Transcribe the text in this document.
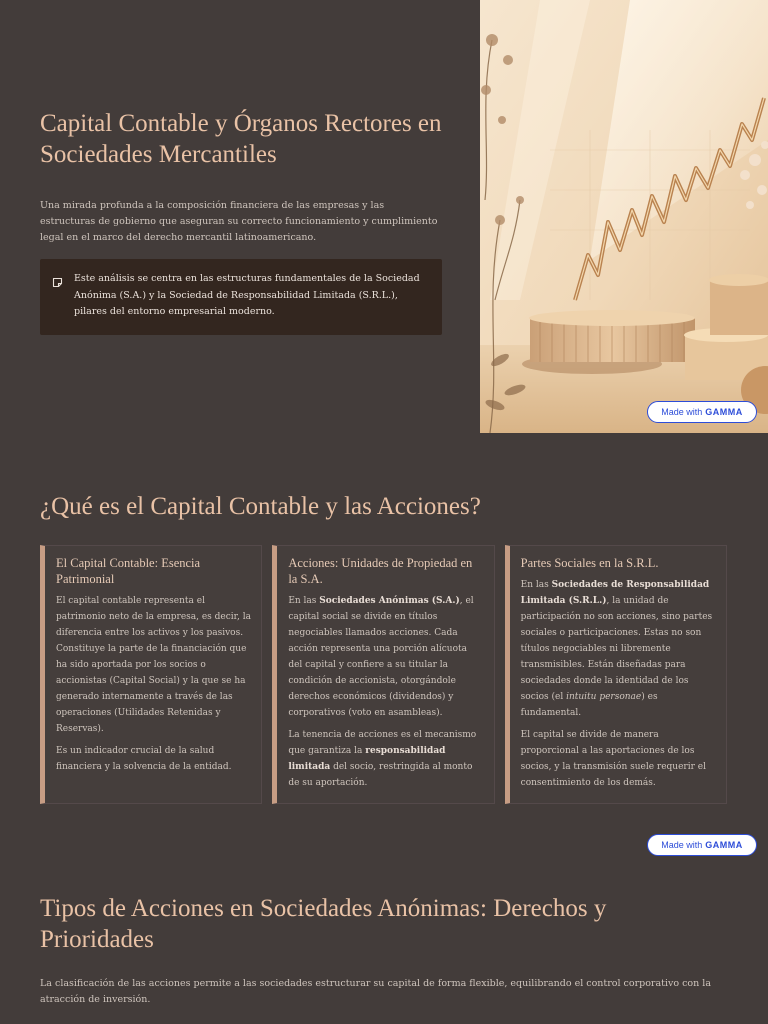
Capital Contable y Órganos Rectores en Sociedades Mercantiles

Una mirada profunda a la composición financiera de las empresas y las estructuras de gobierno que aseguran su correcto funcionamiento y cumplimiento legal en el marco del derecho mercantil latinoamericano.

Este análisis se centra en las estructuras fundamentales de la Sociedad Anónima (S.A.) y la Sociedad de Responsabilidad Limitada (S.R.L.), pilares del entorno empresarial moderno.

Made with GAMMA
¿Qué es el Capital Contable y las Acciones?
El Capital Contable: Esencia Patrimonial

El capital contable representa el patrimonio neto de la empresa, es decir, la diferencia entre los activos y los pasivos. Constituye la parte de la financiación que ha sido aportada por los socios o accionistas (Capital Social) y la que se ha generado internamente a través de las operaciones (Utilidades Retenidas y Reservas).

Es un indicador crucial de la salud financiera y la solvencia de la entidad.

Acciones: Unidades de Propiedad en la S.A.

En las Sociedades Anónimas (S.A.), el capital social se divide en títulos negociables llamados acciones. Cada acción representa una porción alícuota del capital y confiere a su titular la condición de accionista, otorgándole derechos económicos (dividendos) y corporativos (voto en asambleas).

La tenencia de acciones es el mecanismo que garantiza la responsabilidad limitada del socio, restringida al monto de su aportación.

Partes Sociales en la S.R.L.

En las Sociedades de Responsabilidad Limitada (S.R.L.), la unidad de participación no son acciones, sino partes sociales o participaciones. Estas no son títulos negociables ni libremente transmisibles. Están diseñadas para sociedades donde la identidad de los socios (el intuitu personae) es fundamental.

El capital se divide de manera proporcional a las aportaciones de los socios, y la transmisión suele requerir el consentimiento de los demás.

Made with GAMMA
Tipos de Acciones en Sociedades Anónimas: Derechos y Prioridades

La clasificación de las acciones permite a las sociedades estructurar su capital de forma flexible, equilibrando el control corporativo con la atracción de inversión.
